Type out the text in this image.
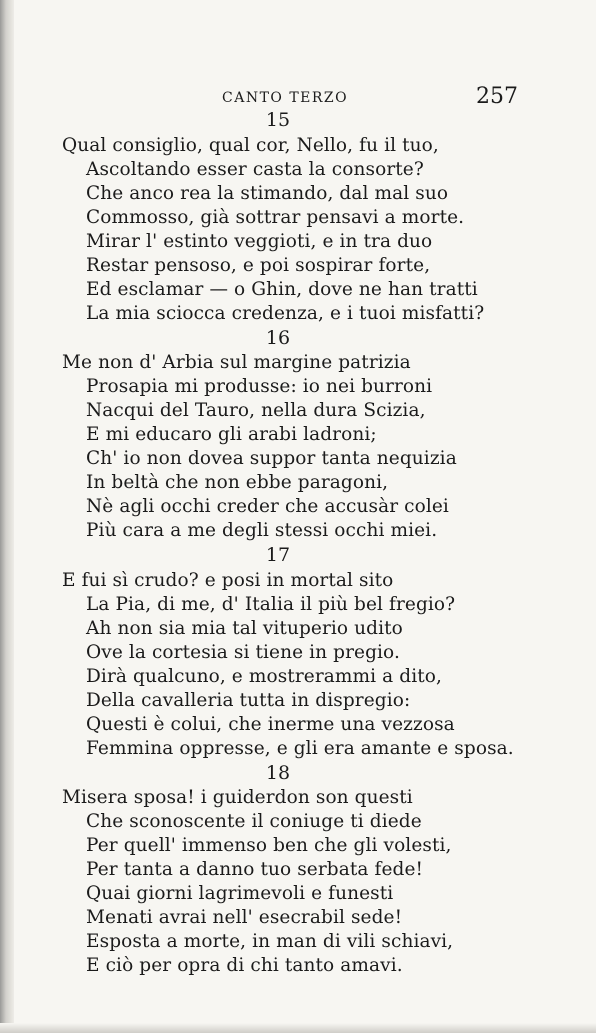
CANTO TERZO	257
15
Qual consiglio, qual cor, Nello, fu il tuo,
Ascoltando esser casta la consorte?
Che anco rea la stimando, dal mal suo
Commosso, già sottrar pensavi a morte.
Mirar l' estinto veggioti, e in tra duo
Restar pensoso, e poi sospirar forte,
Ed esclamar — o Ghin, dove ne han tratti
La mia sciocca credenza, e i tuoi misfatti?
16
Me non d' Arbia sul margine patrizia
Prosapia mi produsse: io nei burroni
Nacqui del Tauro, nella dura Scizia,
E mi educaro gli arabi ladroni;
Ch' io non dovea suppor tanta nequizia
In beltà che non ebbe paragoni,
Nè agli occhi creder che accusàr colei
Più cara a me degli stessi occhi miei.
17
E fui sì crudo? e posi in mortal sito
La Pia, di me, d' Italia il più bel fregio?
Ah non sia mia tal vituperio udito
Ove la cortesia si tiene in pregio.
Dirà qualcuno, e mostrerammi a dito,
Della cavalleria tutta in dispregio:
Questi è colui, che inerme una vezzosa
Femmina oppresse, e gli era amante e sposa.
18
Misera sposa! i guiderdon son questi
Che sconoscente il coniuge ti diede
Per quell' immenso ben che gli volesti,
Per tanta a danno tuo serbata fede!
Quai giorni lagrimevoli e funesti
Menati avrai nell' esecrabil sede!
Esposta a morte, in man di vili schiavi,
E ciò per opra di chi tanto amavi.
